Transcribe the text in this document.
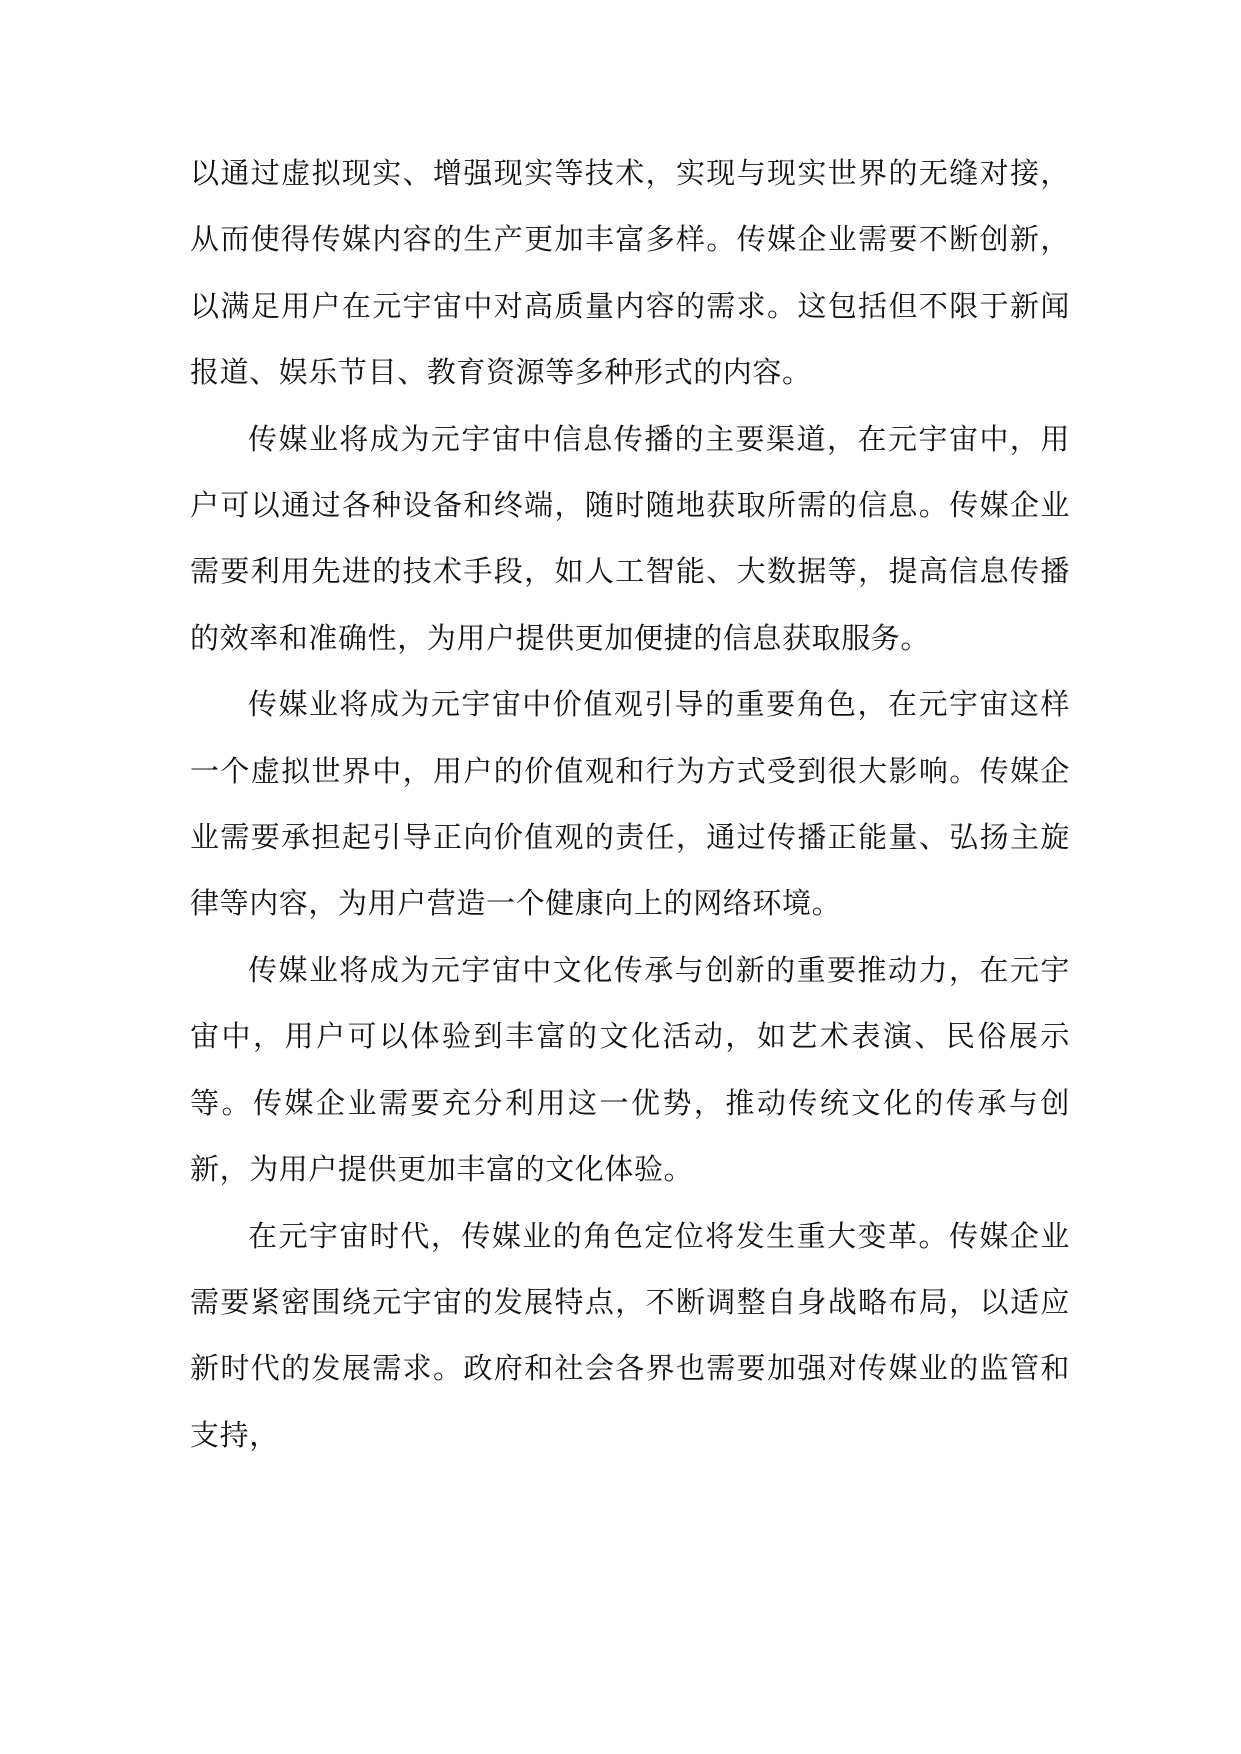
以通过虚拟现实、增强现实等技术，实现与现实世界的无缝对接，从而使得传媒内容的生产更加丰富多样。传媒企业需要不断创新，以满足用户在元宇宙中对高质量内容的需求。这包括但不限于新闻报道、娱乐节目、教育资源等多种形式的内容。

传媒业将成为元宇宙中信息传播的主要渠道，在元宇宙中，用户可以通过各种设备和终端，随时随地获取所需的信息。传媒企业需要利用先进的技术手段，如人工智能、大数据等，提高信息传播的效率和准确性，为用户提供更加便捷的信息获取服务。

传媒业将成为元宇宙中价值观引导的重要角色，在元宇宙这样一个虚拟世界中，用户的价值观和行为方式受到很大影响。传媒企业需要承担起引导正向价值观的责任，通过传播正能量、弘扬主旋律等内容，为用户营造一个健康向上的网络环境。

传媒业将成为元宇宙中文化传承与创新的重要推动力，在元宇宙中，用户可以体验到丰富的文化活动，如艺术表演、民俗展示等。传媒企业需要充分利用这一优势，推动传统文化的传承与创新，为用户提供更加丰富的文化体验。

在元宇宙时代，传媒业的角色定位将发生重大变革。传媒企业需要紧密围绕元宇宙的发展特点，不断调整自身战略布局，以适应新时代的发展需求。政府和社会各界也需要加强对传媒业的监管和支持，
